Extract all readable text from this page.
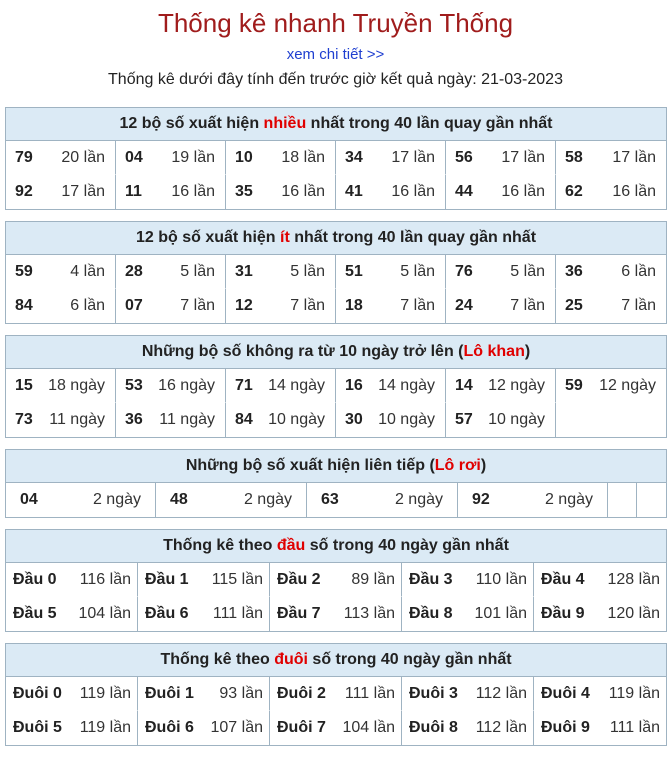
Thống kê nhanh Truyền Thống
xem chi tiết >>
Thống kê dưới đây tính đến trước giờ kết quả ngày: 21-03-2023
12 bộ số xuất hiện nhiều nhất trong 40 lần quay gần nhất
79	20 lần	04	19 lần	10	18 lần	34	17 lần	56	17 lần	58	17 lần
92	17 lần	11	16 lần	35	16 lần	41	16 lần	44	16 lần	62	16 lần
12 bộ số xuất hiện ít nhất trong 40 lần quay gần nhất
59	4 lần	28	5 lần	31	5 lần	51	5 lần	76	5 lần	36	6 lần
84	6 lần	07	7 lần	12	7 lần	18	7 lần	24	7 lần	25	7 lần
Những bộ số không ra từ 10 ngày trở lên (Lô khan)
15 18 ngày	53 16 ngày	71 14 ngày	16 14 ngày	14 12 ngày	59	12 ngày
73	11 ngày	36	11 ngày	84 10 ngày	30 10 ngày	57 10 ngày
Những bộ số xuất hiện liên tiếp (Lô rơi)
04	2 ngày	48	2 ngày	63	2 ngày	92	2 ngày
Thống kê theo đầu số trong 40 ngày gần nhất
Đầu 0	116 lần Đầu 1	115 lần Đầu 2	89 lần Đầu 3	110 lần Đầu 4	128 lần
Đầu 5	104 lần Đầu 6	111 lần Đầu 7	113 lần Đầu 8	101 lần Đầu 9	120 lần
Thống kê theo đuôi số trong 40 ngày gần nhất
Đuôi 0	119 lần Đuôi 1	93 lần Đuôi 2	111 lần Đuôi 3	112 lần Đuôi 4	119 lần
Đuôi 5	119 lần Đuôi 6	107 lần Đuôi 7	104 lần Đuôi 8	112 lần Đuôi 9	111 lần
